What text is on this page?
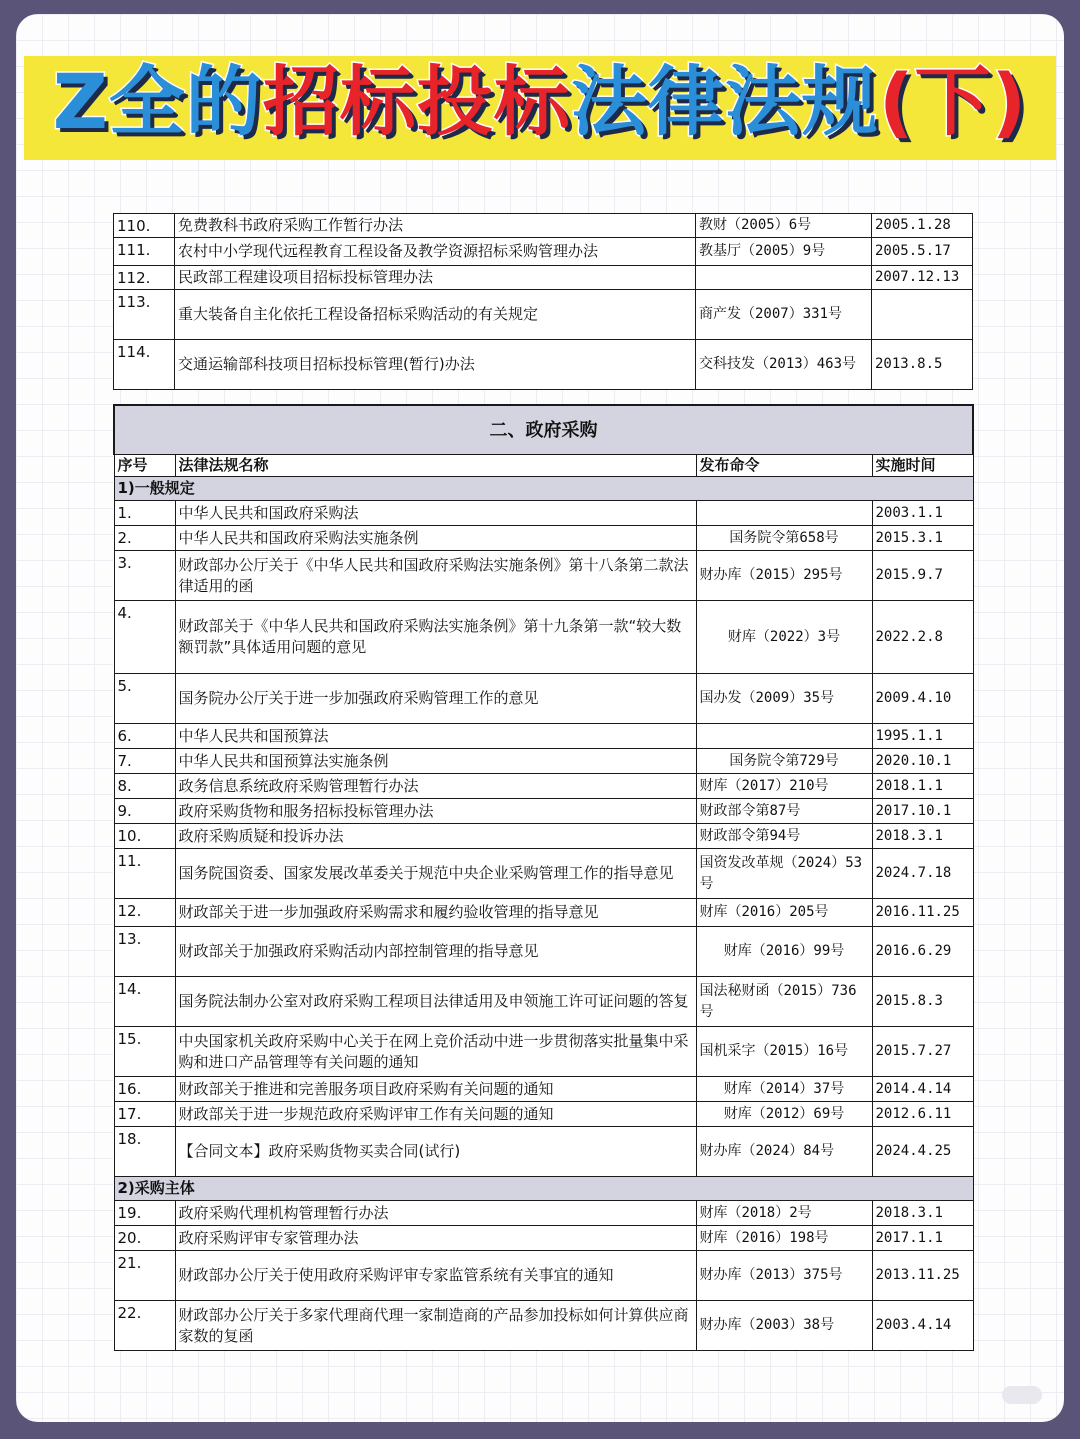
Z全的招标投标法律法规(下)
110.	免费教科书政府采购工作暂行办法	教财（2005）6号	2005.1.28
111.	农村中小学现代远程教育工程设备及教学资源招标采购管理办法	教基厅（2005）9号	2005.5.17
112.	民政部工程建设项目招标投标管理办法		2007.12.13
113.	重大装备自主化依托工程设备招标采购活动的有关规定	商产发（2007）331号	
114.	交通运输部科技项目招标投标管理(暂行)办法	交科技发（2013）463号	2013.8.5
二、政府采购			
序号	法律法规名称	发布命令	实施时间
1)一般规定			
1.	中华人民共和国政府采购法		2003.1.1
2.	中华人民共和国政府采购法实施条例	国务院令第658号	2015.3.1
3.	财政部办公厅关于《中华人民共和国政府采购法实施条例》第十八条第二款法律适用的函	财办库（2015）295号	2015.9.7
4.	财政部关于《中华人民共和国政府采购法实施条例》第十九条第一款“较大数额罚款”具体适用问题的意见	财库（2022）3号	2022.2.8
5.	国务院办公厅关于进一步加强政府采购管理工作的意见	国办发（2009）35号	2009.4.10
6.	中华人民共和国预算法		1995.1.1
7.	中华人民共和国预算法实施条例	国务院令第729号	2020.10.1
8.	政务信息系统政府采购管理暂行办法	财库（2017）210号	2018.1.1
9.	政府采购货物和服务招标投标管理办法	财政部令第87号	2017.10.1
10.	政府采购质疑和投诉办法	财政部令第94号	2018.3.1
11.	国务院国资委、国家发展改革委关于规范中央企业采购管理工作的指导意见	国资发改革规（2024）53号	2024.7.18
12.	财政部关于进一步加强政府采购需求和履约验收管理的指导意见	财库（2016）205号	2016.11.25
13.	财政部关于加强政府采购活动内部控制管理的指导意见	财库（2016）99号	2016.6.29
14.	国务院法制办公室对政府采购工程项目法律适用及申领施工许可证问题的答复	国法秘财函（2015）736号	2015.8.3
15.	中央国家机关政府采购中心关于在网上竞价活动中进一步贯彻落实批量集中采购和进口产品管理等有关问题的通知	国机采字（2015）16号	2015.7.27
16.	财政部关于推进和完善服务项目政府采购有关问题的通知	财库（2014）37号	2014.4.14
17.	财政部关于进一步规范政府采购评审工作有关问题的通知	财库（2012）69号	2012.6.11
18.	【合同文本】政府采购货物买卖合同(试行)	财办库（2024）84号	2024.4.25
2)采购主体			
19.	政府采购代理机构管理暂行办法	财库（2018）2号	2018.3.1
20.	政府采购评审专家管理办法	财库（2016）198号	2017.1.1
21.	财政部办公厅关于使用政府采购评审专家监管系统有关事宜的通知	财办库（2013）375号	2013.11.25
22.	财政部办公厅关于多家代理商代理一家制造商的产品参加投标如何计算供应商家数的复函	财办库（2003）38号	2003.4.14
